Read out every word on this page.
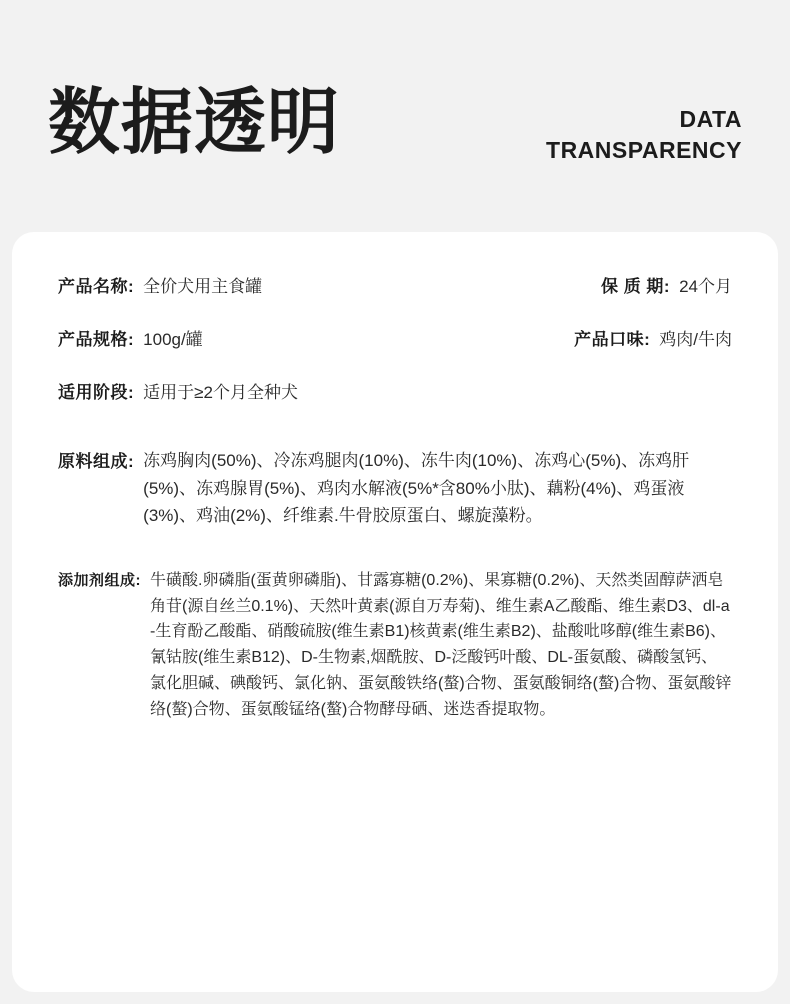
数据透明	DATA
TRANSPARENCY
产品名称: 全价犬用主食罐	保 质 期: 24个月
产品规格: 100g/罐	产品口味: 鸡肉/牛肉
适用阶段: 适用于≥2个月全种犬
原料组成: 冻鸡胸肉(50%)、冷冻鸡腿肉(10%)、冻牛肉(10%)、冻鸡心(5%)、冻鸡肝(5%)、冻鸡腺胃(5%)、鸡肉水解液(5%*含80%小肽)、藕粉(4%)、鸡蛋液(3%)、鸡油(2%)、纤维素.牛骨胶原蛋白、螺旋藻粉。
添加剂组成: 牛磺酸.卵磷脂(蛋黄卵磷脂)、甘露寡糖(0.2%)、果寡糖(0.2%)、天然类固醇萨洒皂角苷(源自丝兰0.1%)、天然叶黄素(源自万寿菊)、维生素A乙酸酯、维生素D3、dl-a-生育酚乙酸酯、硝酸硫胺(维生素B1)核黄素(维生素B2)、盐酸吡哆醇(维生素B6)、氰钴胺(维生素B12)、D-生物素,烟酰胺、D-泛酸钙叶酸、DL-蛋氨酸、磷酸氢钙、氯化胆碱、碘酸钙、氯化钠、蛋氨酸铁络(螯)合物、蛋氨酸铜络(螯)合物、蛋氨酸锌络(螯)合物、蛋氨酸锰络(螯)合物酵母硒、迷迭香提取物。
